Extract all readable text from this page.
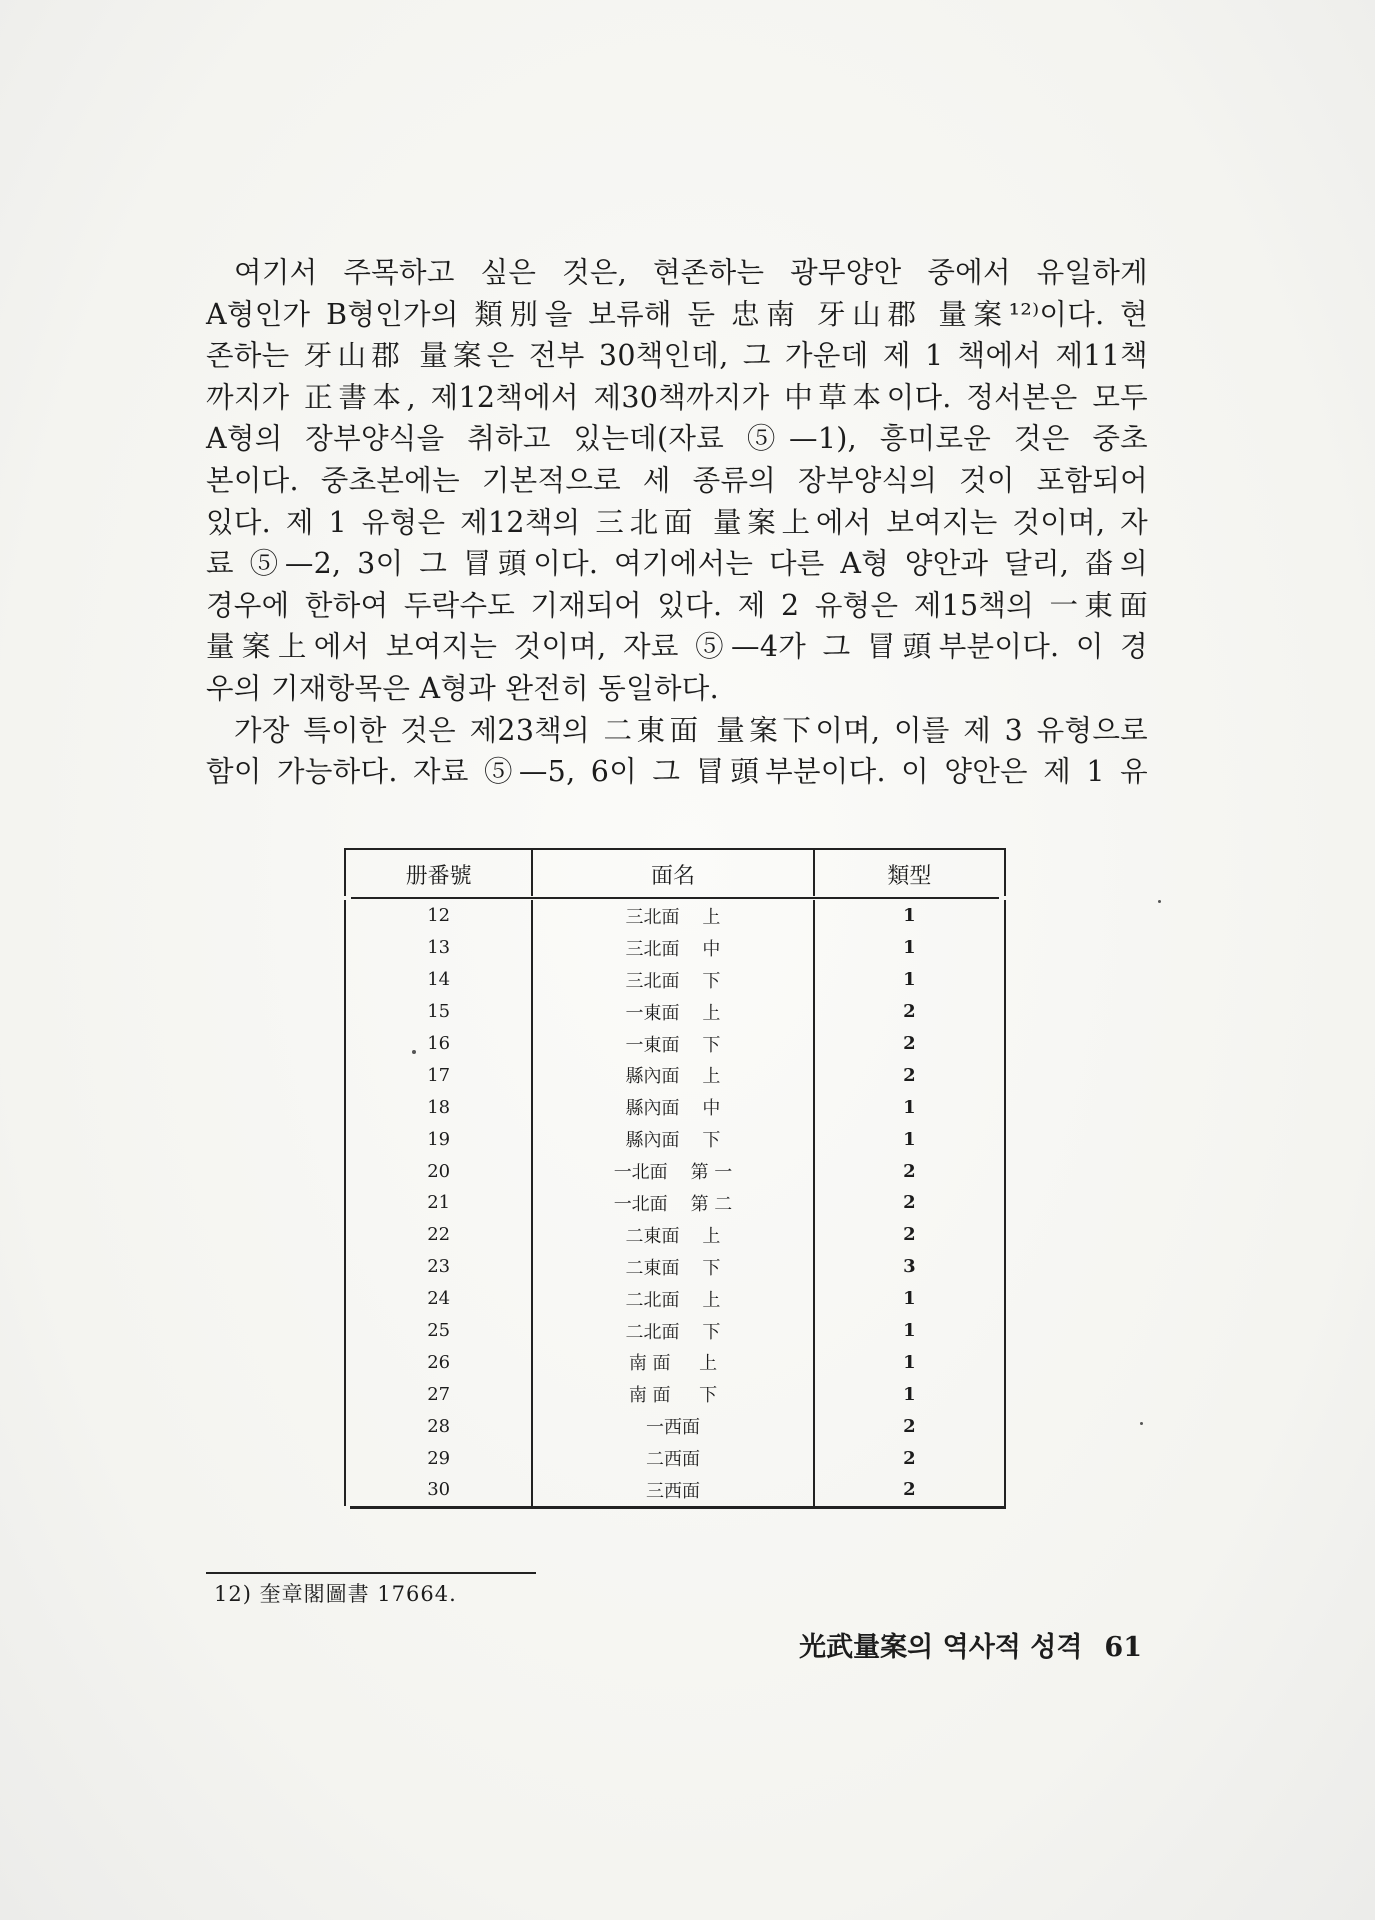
여기서 주목하고 싶은 것은, 현존하는 광무양안 중에서 유일하게
A형인가 B형인가의 類別을 보류해 둔 忠南 牙山郡 量案¹²⁾이다. 현
존하는 牙山郡 量案은 전부 30책인데, 그 가운데 제 1 책에서 제11책
까지가 正書本, 제12책에서 제30책까지가 中草本이다. 정서본은 모두
A형의 장부양식을 취하고 있는데(자료 ⑤—1), 흥미로운 것은 중초
본이다. 중초본에는 기본적으로 세 종류의 장부양식의 것이 포함되어
있다. 제 1 유형은 제12책의 三北面 量案上에서 보여지는 것이며, 자
료 ⑤—2, 3이 그 冒頭이다. 여기에서는 다른 A형 양안과 달리, 畓의
경우에 한하여 두락수도 기재되어 있다. 제 2 유형은 제15책의 一東面
量案上에서 보여지는 것이며, 자료 ⑤—4가 그 冒頭부분이다. 이 경
우의 기재항목은 A형과 완전히 동일하다.

가장 특이한 것은 제23책의 二東面 量案下이며, 이를 제 3 유형으로
함이 가능하다. 자료 ⑤—5, 6이 그 冒頭부분이다. 이 양안은 제 1 유

册番號	面名	類型

12	三北面    上	1
13	三北面    中	1
14	三北面    下	1
15	一東面    上	2
16	一東面    下	2
17	縣內面    上	2
18	縣內面    中	1
19	縣內面    下	1
20	一北面    第 一	2
21	一北面    第 二	2
22	二東面    上	2
23	二東面    下	3
24	二北面    上	1
25	二北面    下	1
26	南 面     上	1
27	南 面     下	1
28	一西面	2
29	二西面	2
30	三西面	2
12) 奎章閣圖書 17664.
光武量案의 역사적 성격 61
